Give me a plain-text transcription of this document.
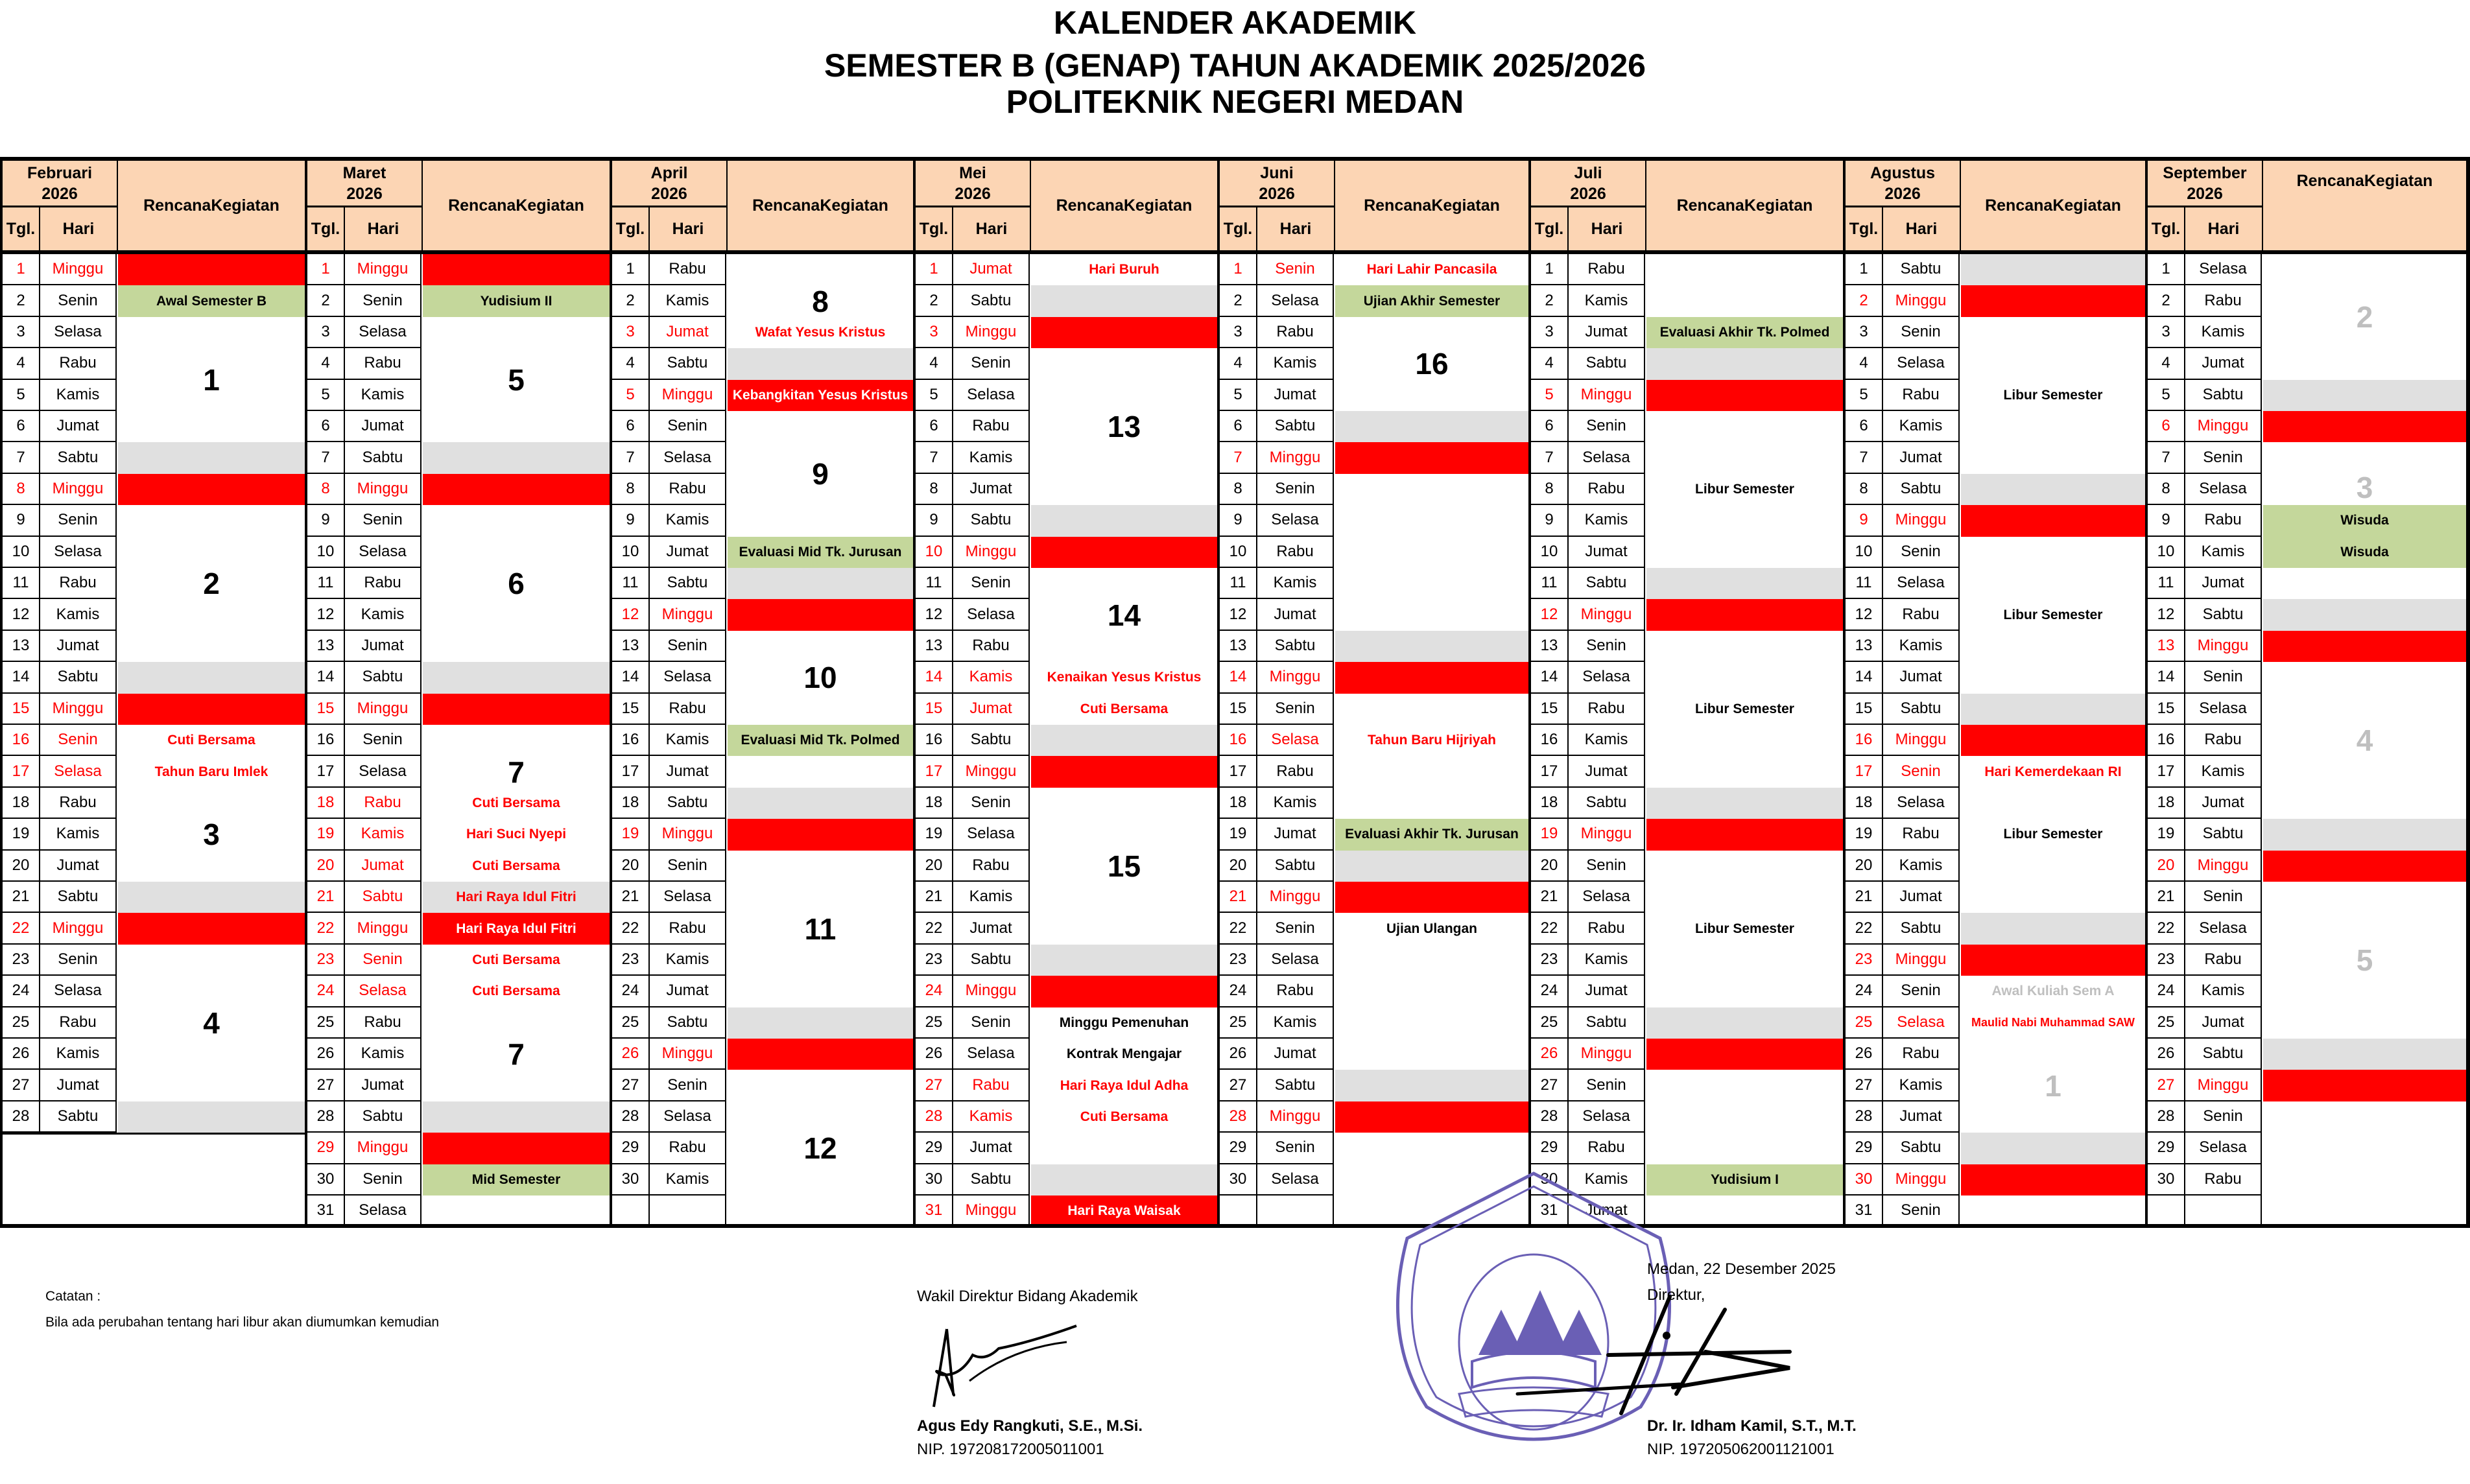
KALENDER AKADEMIK
SEMESTER B (GENAP) TAHUN AKADEMIK 2025/2026
POLITEKNIK NEGERI MEDAN
Februari
2026
Tgl.	Hari
Rencana Kegiatan
1	Minggu
2	Senin	Awal Semester B
3	Selasa
4	Rabu
5	Kamis
6	Jumat
7	Sabtu
8	Minggu
9	Senin
10	Selasa
11	Rabu
12	Kamis
13	Jumat
14	Sabtu
15	Minggu
16	Senin	Cuti Bersama
17	Selasa	Tahun Baru Imlek
18	Rabu
19	Kamis
20	Jumat
21	Sabtu
22	Minggu
23	Senin
24	Selasa
25	Rabu
26	Kamis
27	Jumat
28	Sabtu
1
2
3
4
Maret
2026
Tgl.	Hari
Rencana Kegiatan
1	Minggu
2	Senin	Yudisium II
3	Selasa
4	Rabu
5	Kamis
6	Jumat
7	Sabtu
8	Minggu
9	Senin
10	Selasa
11	Rabu
12	Kamis
13	Jumat
14	Sabtu
15	Minggu
16	Senin
17	Selasa
18	Rabu	Cuti Bersama
19	Kamis	Hari Suci Nyepi
20	Jumat	Cuti Bersama
21	Sabtu	Hari Raya Idul Fitri
22	Minggu	Hari Raya Idul Fitri
23	Senin	Cuti Bersama
24	Selasa	Cuti Bersama
25	Rabu
26	Kamis
27	Jumat
28	Sabtu
29	Minggu
30	Senin	Mid Semester
31	Selasa
5
6
7
7
April
2026
Tgl.	Hari
Rencana Kegiatan
1	Rabu
2	Kamis
3	Jumat	Wafat Yesus Kristus
4	Sabtu
5	Minggu	Kebangkitan Yesus Kristus
6	Senin
7	Selasa
8	Rabu
9	Kamis
10	Jumat	Evaluasi Mid Tk. Jurusan
11	Sabtu
12	Minggu
13	Senin
14	Selasa
15	Rabu
16	Kamis	Evaluasi Mid Tk. Polmed
17	Jumat
18	Sabtu
19	Minggu
20	Senin
21	Selasa
22	Rabu
23	Kamis
24	Jumat
25	Sabtu
26	Minggu
27	Senin
28	Selasa
29	Rabu
30	Kamis
8
9
10
11
12
Mei
2026
Tgl.	Hari
Rencana Kegiatan
1	Jumat	Hari Buruh
2	Sabtu
3	Minggu
4	Senin
5	Selasa
6	Rabu
7	Kamis
8	Jumat
9	Sabtu
10	Minggu
11	Senin
12	Selasa
13	Rabu
14	Kamis	Kenaikan Yesus Kristus
15	Jumat	Cuti Bersama
16	Sabtu
17	Minggu
18	Senin
19	Selasa
20	Rabu
21	Kamis
22	Jumat
23	Sabtu
24	Minggu
25	Senin	Minggu Pemenuhan
26	Selasa	Kontrak Mengajar
27	Rabu	Hari Raya Idul Adha
28	Kamis	Cuti Bersama
29	Jumat
30	Sabtu
31	Minggu	Hari Raya Waisak
13
14
15
Juni
2026
Tgl.	Hari
Rencana Kegiatan
1	Senin	Hari Lahir Pancasila
2	Selasa	Ujian Akhir Semester
3	Rabu
4	Kamis
5	Jumat
6	Sabtu
7	Minggu
8	Senin
9	Selasa
10	Rabu
11	Kamis
12	Jumat
13	Sabtu
14	Minggu
15	Senin
16	Selasa	Tahun Baru Hijriyah
17	Rabu
18	Kamis
19	Jumat	Evaluasi Akhir Tk. Jurusan
20	Sabtu
21	Minggu
22	Senin	Ujian Ulangan
23	Selasa
24	Rabu
25	Kamis
26	Jumat
27	Sabtu
28	Minggu
29	Senin
30	Selasa
16
Juli
2026
Tgl.	Hari
Rencana Kegiatan
1	Rabu
2	Kamis
3	Jumat	Evaluasi Akhir Tk. Polmed
4	Sabtu
5	Minggu
6	Senin
7	Selasa
8	Rabu	Libur Semester
9	Kamis
10	Jumat
11	Sabtu
12	Minggu
13	Senin
14	Selasa
15	Rabu	Libur Semester
16	Kamis
17	Jumat
18	Sabtu
19	Minggu
20	Senin
21	Selasa
22	Rabu	Libur Semester
23	Kamis
24	Jumat
25	Sabtu
26	Minggu
27	Senin
28	Selasa
29	Rabu
30	Kamis	Yudisium I
31	Jumat
Agustus
2026
Tgl.	Hari
Rencana Kegiatan
1	Sabtu
2	Minggu
3	Senin
4	Selasa
5	Rabu	Libur Semester
6	Kamis
7	Jumat
8	Sabtu
9	Minggu
10	Senin
11	Selasa
12	Rabu	Libur Semester
13	Kamis
14	Jumat
15	Sabtu
16	Minggu
17	Senin	Hari Kemerdekaan RI
18	Selasa
19	Rabu	Libur Semester
20	Kamis
21	Jumat
22	Sabtu
23	Minggu
24	Senin	Awal Kuliah Sem A
25	Selasa	Maulid Nabi Muhammad SAW
26	Rabu
27	Kamis
28	Jumat
29	Sabtu
30	Minggu
31	Senin
1
September
2026
Tgl.	Hari
Rencana Kegiatan
1	Selasa
2	Rabu
3	Kamis
4	Jumat
5	Sabtu
6	Minggu
7	Senin
8	Selasa
9	Rabu	Wisuda
10	Kamis	Wisuda
11	Jumat
12	Sabtu
13	Minggu
14	Senin
15	Selasa
16	Rabu
17	Kamis
18	Jumat
19	Sabtu
20	Minggu
21	Senin
22	Selasa
23	Rabu
24	Kamis
25	Jumat
26	Sabtu
27	Minggu
28	Senin
29	Selasa
30	Rabu
2
3
4
5
Catatan :
Bila ada perubahan tentang hari libur akan diumumkan kemudian
Wakil Direktur Bidang Akademik
Agus Edy Rangkuti, S.E., M.Si.
NIP. 197208172005011001
Medan, 22 Desember 2025
Direktur,
Dr. Ir. Idham Kamil, S.T., M.T.
NIP. 197205062001121001
